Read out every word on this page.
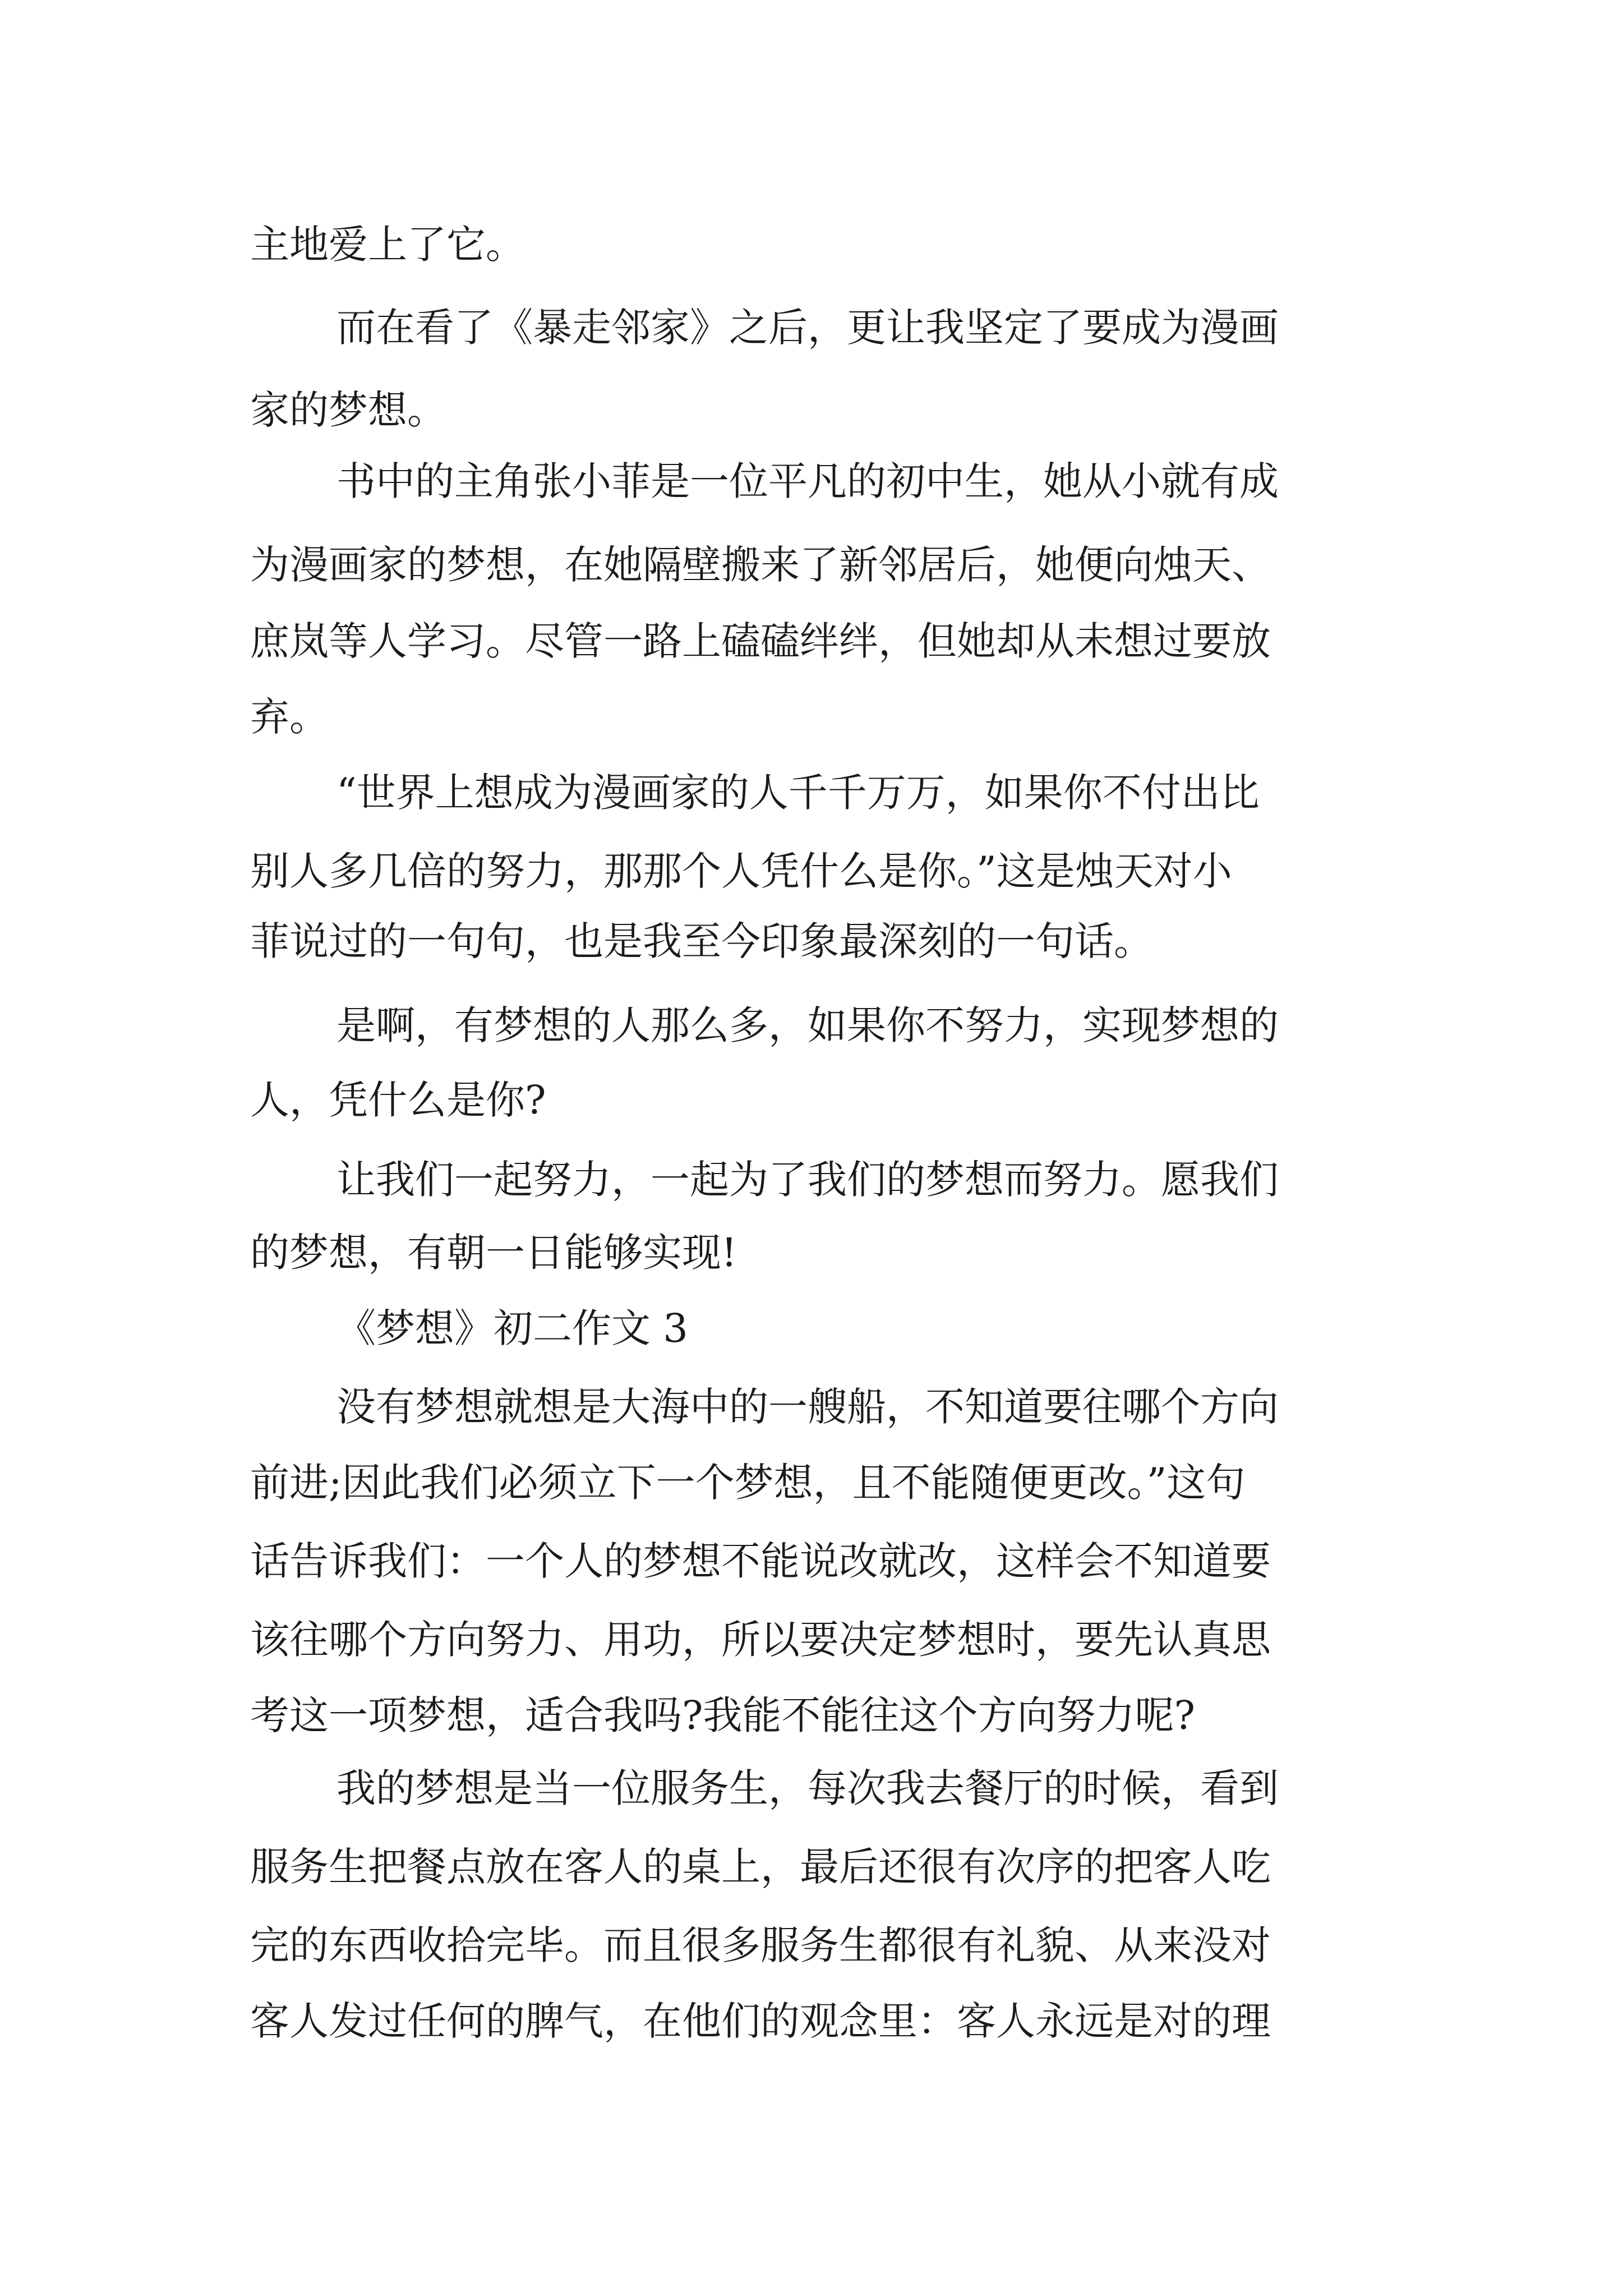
主地爱上了它。

而在看了《暴走邻家》之后，更让我坚定了要成为漫画

家的梦想。

书中的主角张小菲是一位平凡的初中生，她从小就有成

为漫画家的梦想，在她隔壁搬来了新邻居后，她便向烛天、

庶岚等人学习。尽管一路上磕磕绊绊，但她却从未想过要放

弃。

“世界上想成为漫画家的人千千万万，如果你不付出比

别人多几倍的努力，那那个人凭什么是你。”这是烛天对小

菲说过的一句句，也是我至今印象最深刻的一句话。

是啊，有梦想的人那么多，如果你不努力，实现梦想的

人，凭什么是你?

让我们一起努力，一起为了我们的梦想而努力。愿我们

的梦想，有朝一日能够实现!

《梦想》初二作文 3

没有梦想就想是大海中的一艘船，不知道要往哪个方向

前进;因此我们必须立下一个梦想，且不能随便更改。”这句

话告诉我们：一个人的梦想不能说改就改，这样会不知道要

该往哪个方向努力、用功，所以要决定梦想时，要先认真思

考这一项梦想，适合我吗?我能不能往这个方向努力呢?

我的梦想是当一位服务生，每次我去餐厅的时候，看到

服务生把餐点放在客人的桌上，最后还很有次序的把客人吃

完的东西收拾完毕。而且很多服务生都很有礼貌、从来没对

客人发过任何的脾气，在他们的观念里：客人永远是对的理
